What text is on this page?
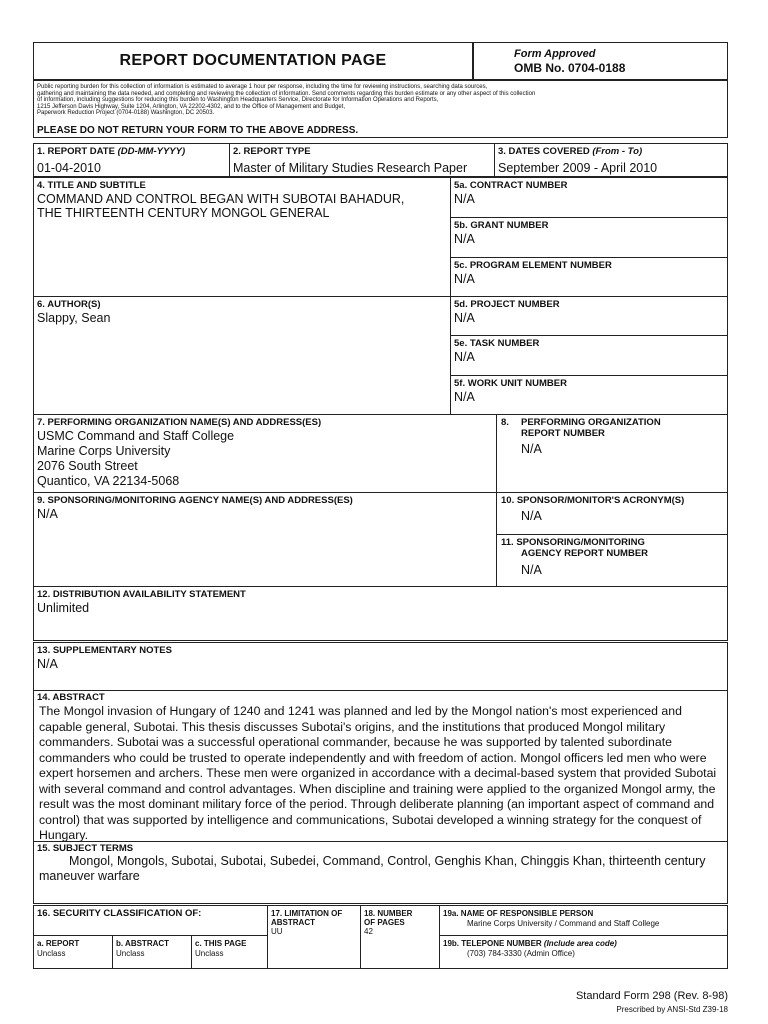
REPORT DOCUMENTATION PAGE	Form Approved
OMB No. 0704-0188
Public reporting burden for this collection of information is estimated to average 1 hour per response, including the time for reviewing instructions, searching data sources,
gathering and maintaining the data needed, and completing and reviewing the collection of information. Send comments regarding this burden estimate or any other aspect of this collection
of information, including suggestions for reducing this burden to Washington Headquarters Service, Directorate for Information Operations and Reports,
1215 Jefferson Davis Highway, Suite 1204, Arlington, VA 22202-4302, and to the Office of Management and Budget,
Paperwork Reduction Project (0704-0188) Washington, DC 20503.
PLEASE DO NOT RETURN YOUR FORM TO THE ABOVE ADDRESS.
1. REPORT DATE (DD-MM-YYYY)
01-04-2010
2. REPORT TYPE
Master of Military Studies Research Paper
3. DATES COVERED (From - To)
September 2009 - April 2010
4. TITLE AND SUBTITLE
COMMAND AND CONTROL BEGAN WITH SUBOTAI BAHADUR,
THE THIRTEENTH CENTURY MONGOL GENERAL
5a. CONTRACT NUMBER
N/A
5b. GRANT NUMBER
N/A
5c. PROGRAM ELEMENT NUMBER
N/A
6. AUTHOR(S)
Slappy, Sean
5d. PROJECT NUMBER
N/A
5e. TASK NUMBER
N/A
5f. WORK UNIT NUMBER
N/A
7. PERFORMING ORGANIZATION NAME(S) AND ADDRESS(ES)
USMC Command and Staff College
Marine Corps University
2076 South Street
Quantico, VA 22134-5068
8. PERFORMING ORGANIZATION
REPORT NUMBER
N/A
9. SPONSORING/MONITORING AGENCY NAME(S) AND ADDRESS(ES)
N/A
10. SPONSOR/MONITOR'S ACRONYM(S)
N/A
11. SPONSORING/MONITORING
AGENCY REPORT NUMBER
N/A
12. DISTRIBUTION AVAILABILITY STATEMENT
Unlimited
13. SUPPLEMENTARY NOTES
N/A
14. ABSTRACT
The Mongol invasion of Hungary of 1240 and 1241 was planned and led by the Mongol nation's most experienced and capable general, Subotai. This thesis discusses Subotai's origins, and the institutions that produced Mongol military commanders. Subotai was a successful operational commander, because he was supported by talented subordinate commanders who could be trusted to operate independently and with freedom of action. Mongol officers led men who were expert horsemen and archers. These men were organized in accordance with a decimal-based system that provided Subotai with several command and control advantages. When discipline and training were applied to the organized Mongol army, the result was the most dominant military force of the period. Through deliberate planning (an important aspect of command and control) that was supported by intelligence and communications, Subotai developed a winning strategy for the conquest of Hungary.
15. SUBJECT TERMS
Mongol, Mongols, Subotai, Subotai, Subedei, Command, Control, Genghis Khan, Chinggis Khan, thirteenth century maneuver warfare
16. SECURITY CLASSIFICATION OF:
a. REPORT
Unclass
b. ABSTRACT
Unclass
c. THIS PAGE
Unclass
17. LIMITATION OF
ABSTRACT
UU
18. NUMBER
OF PAGES
42
19a. NAME OF RESPONSIBLE PERSON
Marine Corps University / Command and Staff College
19b. TELEPONE NUMBER (Include area code)
(703) 784-3330 (Admin Office)
Standard Form 298 (Rev. 8-98)
Prescribed by ANSI-Std Z39-18
